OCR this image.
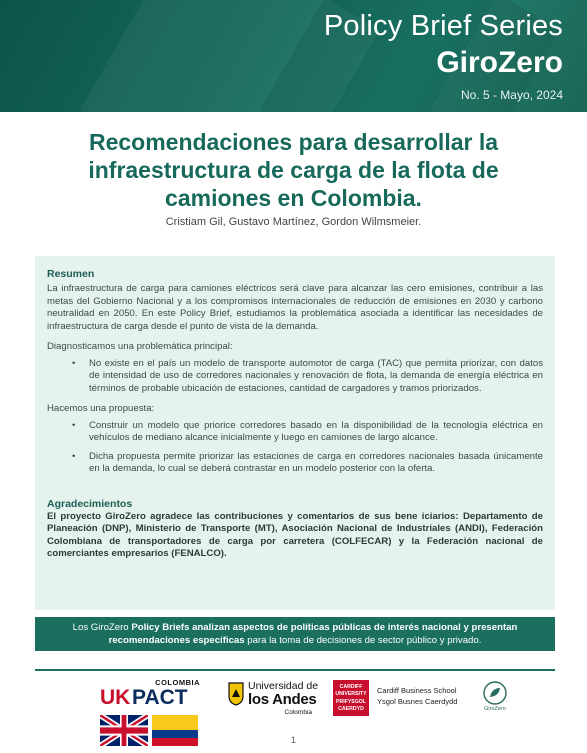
Policy Brief Series
GiroZero
No. 5 - Mayo, 2024
Recomendaciones para desarrollar la infraestructura de carga de la flota de camiones en Colombia.
Cristiam Gil, Gustavo Martínez, Gordon Wilmsmeier.
Resumen
La infraestructura de carga para camiones eléctricos será clave para alcanzar las cero emisiones, contribuir a las metas del Gobierno Nacional y a los compromisos internacionales de reducción de emisiones en 2030 y carbono neutralidad en 2050. En este Policy Brief, estudiamos la problemática asociada a identificar las necesidades de infraestructura de carga desde el punto de vista de la demanda.
Diagnosticamos una problemática principal:
• No existe en el país un modelo de transporte automotor de carga (TAC) que permita priorizar, con datos de intensidad de uso de corredores nacionales y renovación de flota, la demanda de energía eléctrica en términos de probable ubicación de estaciones, cantidad de cargadores y tramos priorizados.
Hacemos una propuesta:
• Construir un modelo que priorice corredores basado en la disponibilidad de la tecnología eléctrica en vehículos de mediano alcance inicialmente y luego en camiones de largo alcance.
• Dicha propuesta permite priorizar las estaciones de carga en corredores nacionales basada únicamente en la demanda, lo cual se deberá contrastar en un modelo posterior con la oferta.
Agradecimientos
El proyecto GiroZero agradece las contribuciones y comentarios de sus bene iciarios: Departamento de Planeación (DNP), Ministerio de Transporte (MT), Asociación Nacional de Industriales (ANDI), Federación Colombiana de transportadores de carga por carretera (COLFECAR) y la Federación nacional de comerciantes empresarios (FENALCO).
Los GiroZero Policy Briefs analizan aspectos de políticas públicas de interés nacional y presentan recomendaciones específicas para la toma de decisiones de sector público y privado.
COLOMBIA
UK PACT	Universidad de
los Andes
Colombia
CARDIFF
UNIVERSITY
PRIFYSGOL
CAERDYD
Cardiff Business School
Ysgol Busnes Caerdydd
GiroZero
1
